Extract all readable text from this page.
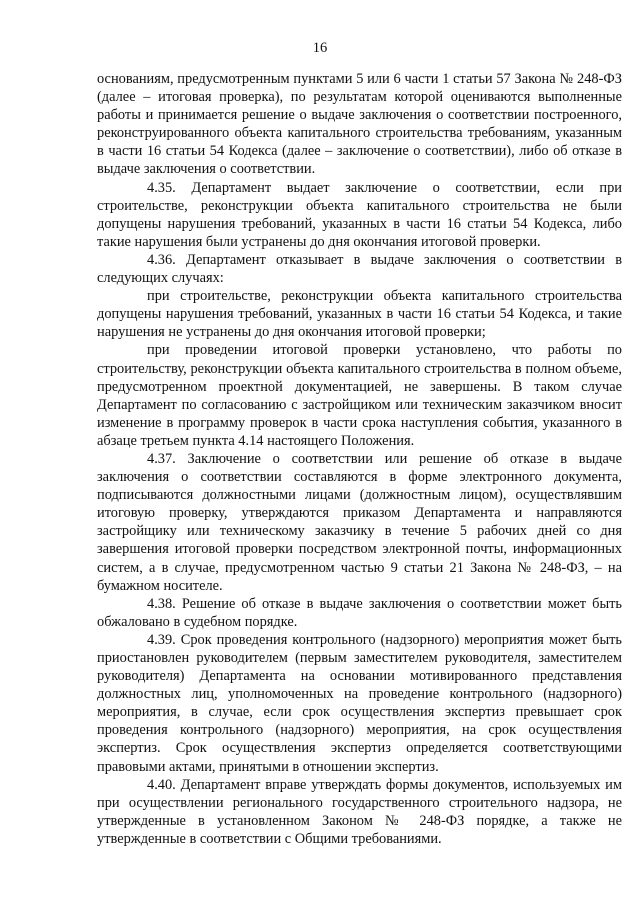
16

основаниям, предусмотренным пунктами 5 или 6 части 1 статьи 57 Закона № 248-ФЗ (далее – итоговая проверка), по результатам которой оцениваются выполненные работы и принимается решение о выдаче заключения о соответствии построенного, реконструированного объекта капитального строительства требованиям, указанным в части 16 статьи 54 Кодекса (далее – заключение о соответствии), либо об отказе в выдаче заключения о соответствии.

4.35. Департамент выдает заключение о соответствии, если при строительстве, реконструкции объекта капитального строительства не были допущены нарушения требований, указанных в части 16 статьи 54 Кодекса, либо такие нарушения были устранены до дня окончания итоговой проверки.

4.36. Департамент отказывает в выдаче заключения о соответствии в следующих случаях:

при строительстве, реконструкции объекта капитального строительства допущены нарушения требований, указанных в части 16 статьи 54 Кодекса, и такие нарушения не устранены до дня окончания итоговой проверки;

при проведении итоговой проверки установлено, что работы по строительству, реконструкции объекта капитального строительства в полном объеме, предусмотренном проектной документацией, не завершены. В таком случае Департамент по согласованию с застройщиком или техническим заказчиком вносит изменение в программу проверок в части срока наступления события, указанного в абзаце третьем пункта 4.14 настоящего Положения.

4.37. Заключение о соответствии или решение об отказе в выдаче заключения о соответствии составляются в форме электронного документа, подписываются должностными лицами (должностным лицом), осуществлявшим итоговую проверку, утверждаются приказом Департамента и направляются застройщику или техническому заказчику в течение 5 рабочих дней со дня завершения итоговой проверки посредством электронной почты, информационных систем, а в случае, предусмотренном частью 9 статьи 21 Закона № 248-ФЗ, – на бумажном носителе.

4.38. Решение об отказе в выдаче заключения о соответствии может быть обжаловано в судебном порядке.

4.39. Срок проведения контрольного (надзорного) мероприятия может быть приостановлен руководителем (первым заместителем руководителя, заместителем руководителя) Департамента на основании мотивированного представления должностных лиц, уполномоченных на проведение контрольного (надзорного) мероприятия, в случае, если срок осуществления экспертиз превышает срок проведения контрольного (надзорного) мероприятия, на срок осуществления экспертиз. Срок осуществления экспертиз определяется соответствующими правовыми актами, принятыми в отношении экспертиз.

4.40. Департамент вправе утверждать формы документов, используемых им при осуществлении регионального государственного строительного надзора, не утвержденные в установленном Законом № 248-ФЗ порядке, а также не утвержденные в соответствии с Общими требованиями.
